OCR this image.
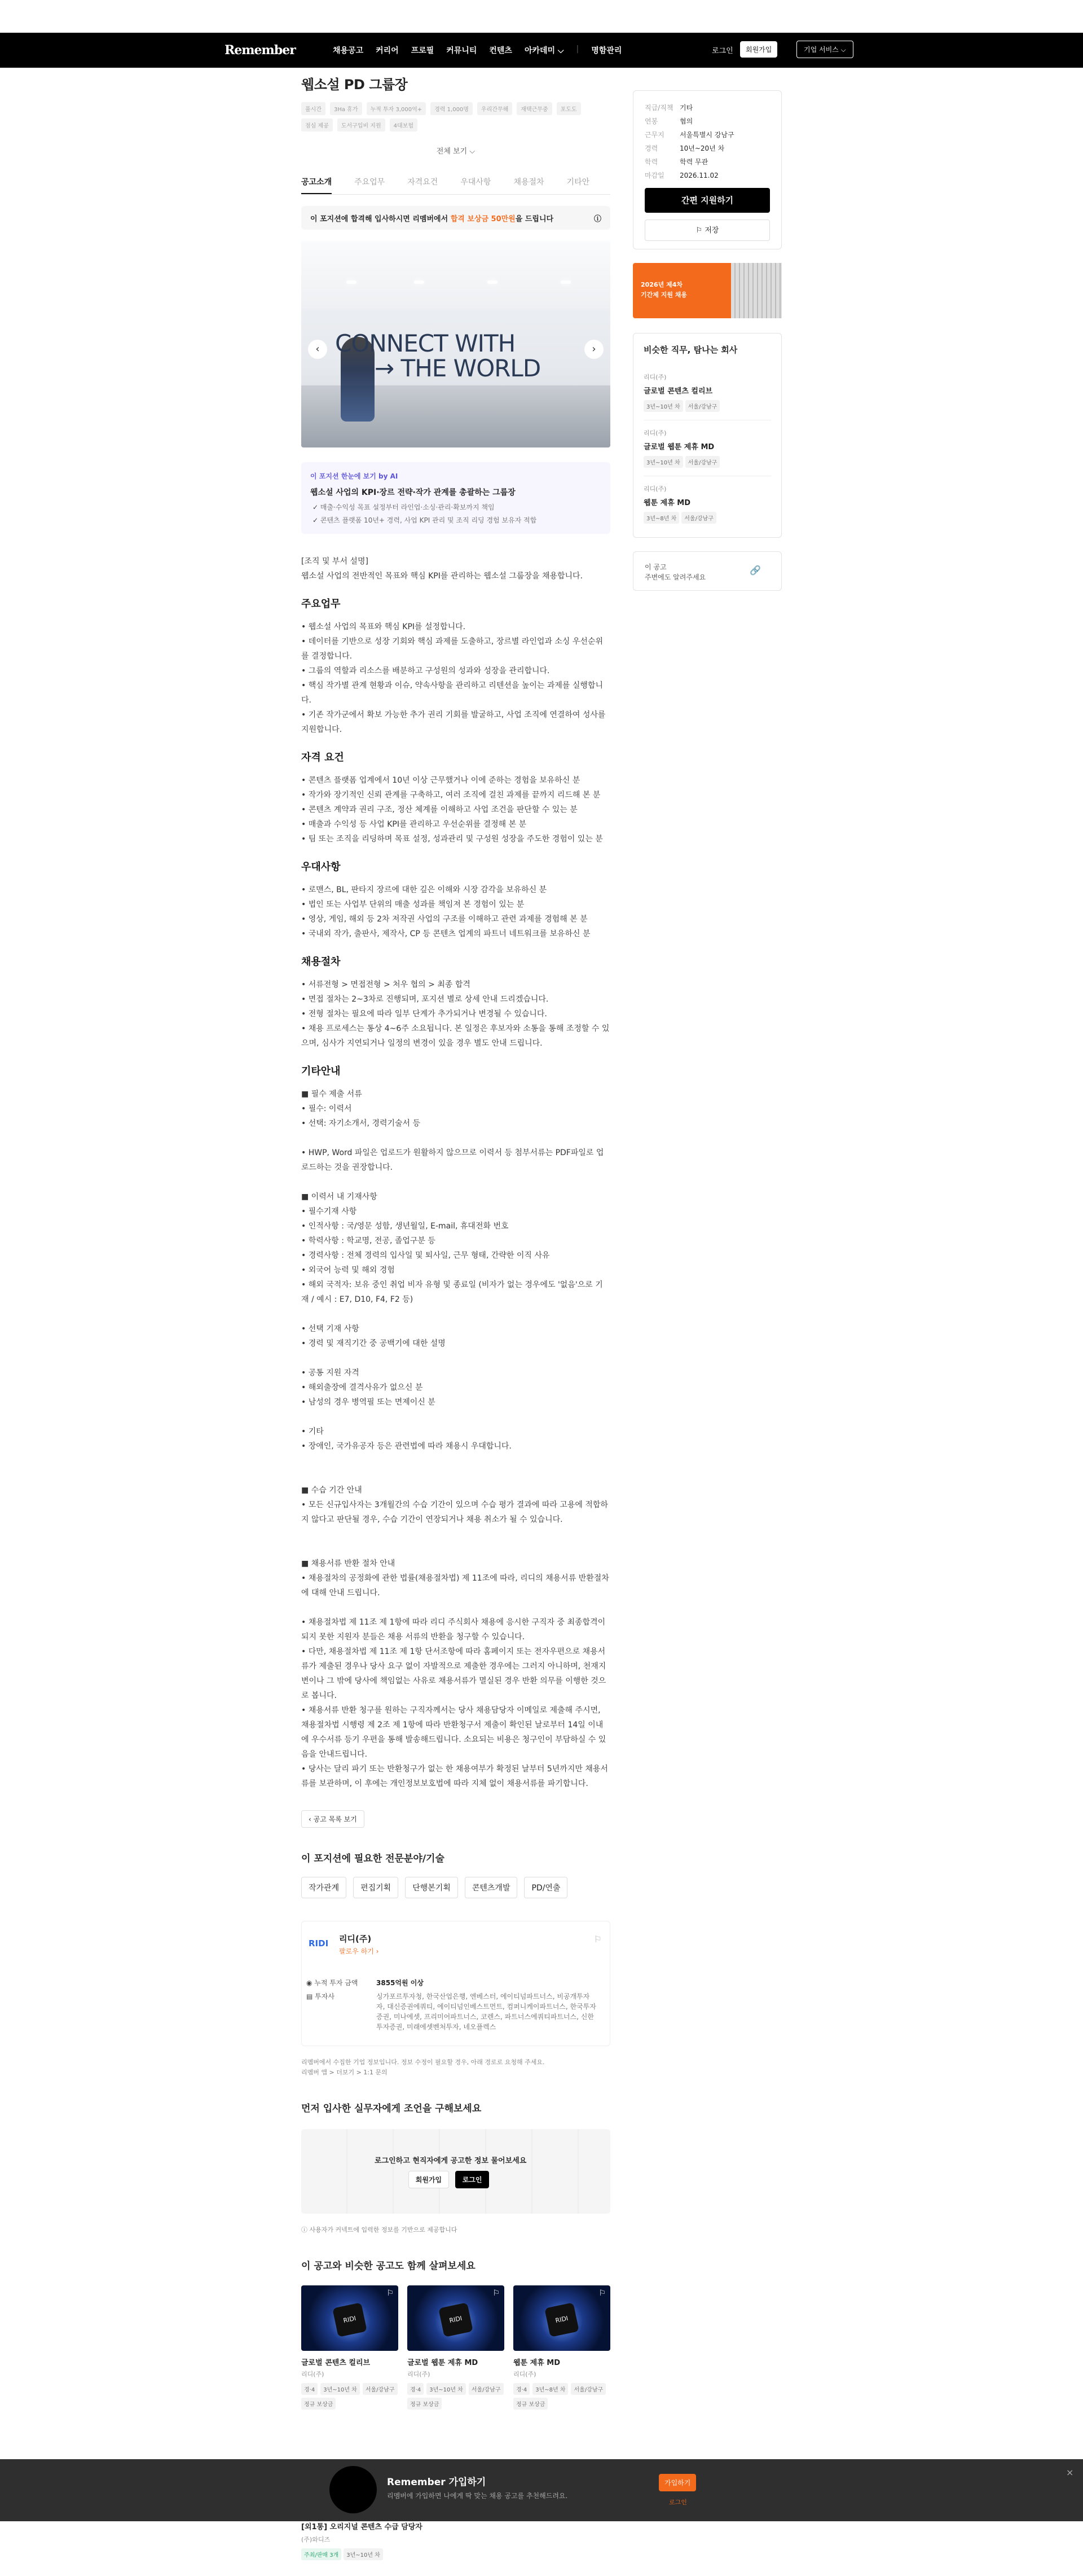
Remember	채용공고 커리어 프로필 커뮤니티 컨텐츠 아카데미 ⌵ | 명함관리	로그인	회원가입	기업 서비스 ⌵
웹소설 PD 그룹장
풀시간	3Ha 휴가	누적 투자 3,000억+	경력 1,000명	우리간무해	재택근무중	포도도
점심 제공	도서구입비 지원	4대보험
전체 보기 ⌵
공고소개	주요업무	자격요건	우대사항	채용절차	기타안
이 포지션에 합격해 입사하시면 리멤버에서 합격 보상금 50만원을 드립니다	ⓘ
CONNECT WITH
→ THE WORLD
‹	›
이 포지션 한눈에 보기 by AI
웹소설 사업의 KPI·장르 전략·작가 관계를 총괄하는 그룹장
✓ 매출·수익성 목표 설정부터 라인업·소싱·관리·확보까지 책임
✓ 콘텐츠 플랫폼 10년+ 경력, 사업 KPI 관리 및 조직 리딩 경험 보유자 적합

[조직 및 부서 설명]

웹소설 사업의 전반적인 목표와 핵심 KPI를 관리하는 웹소설 그룹장을 채용합니다.

주요업무

• 웹소설 사업의 목표와 핵심 KPI를 설정합니다.
• 데이터를 기반으로 성장 기회와 핵심 과제를 도출하고, 장르별 라인업과 소싱 우선순위를 결정합니다.
• 그룹의 역할과 리소스를 배분하고 구성원의 성과와 성장을 관리합니다.
• 핵심 작가별 관계 현황과 이슈, 약속사항을 관리하고 리텐션을 높이는 과제를 실행합니다.
• 기존 작가군에서 확보 가능한 추가 권리 기회를 발굴하고, 사업 조직에 연결하여 성사를 지원합니다.

자격 요건

• 콘텐츠 플랫폼 업계에서 10년 이상 근무했거나 이에 준하는 경험을 보유하신 분
• 작가와 장기적인 신뢰 관계를 구축하고, 여러 조직에 걸친 과제를 끝까지 리드해 본 분
• 콘텐츠 계약과 권리 구조, 정산 체계를 이해하고 사업 조건을 판단할 수 있는 분
• 매출과 수익성 등 사업 KPI를 관리하고 우선순위를 결정해 본 분
• 팀 또는 조직을 리딩하며 목표 설정, 성과관리 및 구성원 성장을 주도한 경험이 있는 분

우대사항

• 로맨스, BL, 판타지 장르에 대한 깊은 이해와 시장 감각을 보유하신 분
• 법인 또는 사업부 단위의 매출 성과를 책임져 본 경험이 있는 분
• 영상, 게임, 해외 등 2차 저작권 사업의 구조를 이해하고 관련 과제를 경험해 본 분
• 국내외 작가, 출판사, 제작사, CP 등 콘텐츠 업계의 파트너 네트워크를 보유하신 분

채용절차

• 서류전형 > 면접전형 > 처우 협의 > 최종 합격
• 면접 절차는 2~3차로 진행되며, 포지션 별로 상세 안내 드리겠습니다.
• 전형 절차는 필요에 따라 일부 단계가 추가되거나 변경될 수 있습니다.
• 채용 프로세스는 통상 4~6주 소요됩니다. 본 일정은 후보자와 소통을 통해 조정할 수 있으며, 심사가 지연되거나 일정의 변경이 있을 경우 별도 안내 드립니다.

기타안내

■ 필수 제출 서류
• 필수: 이력서
• 선택: 자기소개서, 경력기술서 등

• HWP, Word 파일은 업로드가 원활하지 않으므로 이력서 등 첨부서류는 PDF파일로 업로드하는 것을 권장합니다.

■ 이력서 내 기재사항
• 필수기재 사항
• 인적사항 : 국/영문 성함, 생년월일, E-mail, 휴대전화 번호
• 학력사항 : 학교명, 전공, 졸업구분 등
• 경력사항 : 전체 경력의 입사일 및 퇴사일, 근무 형태, 간략한 이직 사유
• 외국어 능력 및 해외 경험
• 해외 국적자: 보유 중인 취업 비자 유형 및 종료일 (비자가 없는 경우에도 '없음'으로 기재 / 예시 : E7, D10, F4, F2 등)

• 선택 기재 사항
• 경력 및 재직기간 중 공백기에 대한 설명

• 공통 지원 자격
• 해외출장에 결격사유가 없으신 분
• 남성의 경우 병역필 또는 면제이신 분

• 기타
• 장애인, 국가유공자 등은 관련법에 따라 채용시 우대합니다.

■ 수습 기간 안내
• 모든 신규입사자는 3개월간의 수습 기간이 있으며 수습 평가 결과에 따라 고용에 적합하지 않다고 판단될 경우, 수습 기간이 연장되거나 채용 취소가 될 수 있습니다.

■ 채용서류 반환 절차 안내
• 채용절차의 공정화에 관한 법률(채용절차법) 제 11조에 따라, 리디의 채용서류 반환절차에 대해 안내 드립니다.

• 채용절차법 제 11조 제 1항에 따라 리디 주식회사 채용에 응시한 구직자 중 최종합격이 되지 못한 지원자 분들은 채용 서류의 반환을 청구할 수 있습니다.
• 다만, 채용절차법 제 11조 제 1항 단서조항에 따라 홈페이지 또는 전자우편으로 채용서류가 제출된 경우나 당사 요구 없이 자발적으로 제출한 경우에는 그러지 아니하며, 천재지변이나 그 밖에 당사에 책임없는 사유로 채용서류가 멸실된 경우 반환 의무를 이행한 것으로 봅니다.
• 채용서류 반환 청구를 원하는 구직자께서는 당사 채용담당자 이메일로 제출해 주시면, 채용절차법 시행령 제 2조 제 1항에 따라 반환청구서 제출이 확인된 날로부터 14일 이내에 우수서류 등기 우편을 통해 발송해드립니다. 소요되는 비용은 청구인이 부담하실 수 있음을 안내드립니다.
• 당사는 달리 파기 또는 반환청구가 없는 한 채용여부가 확정된 날부터 5년까지만 채용서류를 보관하며, 이 후에는 개인정보보호법에 따라 지체 없이 채용서류를 파기합니다.

‹ 공고 목록 보기
이 포지션에 필요한 전문분야/기술
작가관계	편집기획	단행본기획	콘텐츠개발	PD/연출
RIDI 리디(주)
팔로우 하기 ›
⚐
◉ 누적 투자 금액	3855억원 이상
▤ 투자사	싱가포르투자청, 한국산업은행, 엔베스터, 에이티넘파트너스, 비공개투자자, 대신증권에쿼티, 에이티넘인베스트먼트, 컴퍼니케이파트너스, 한국투자증권, 미나에셋, 프리미어파트너스, 코렌스, 파트너스에쿼티파트너스, 신한투자증권, 미래에셋벤처투자, 네오플렉스

리멤버에서 수집한 기업 정보입니다. 정보 수정이 필요할 경우, 아래 경로로 요청해 주세요.
리멤버 앱 > 더보기 > 1:1 문의

먼저 입사한 실무자에게 조언을 구해보세요
로그인하고 현직자에게 공고한 정보 물어보세요
회원가입	로그인

ⓘ 사용자가 커넥트에 입력한 정보를 기반으로 제공합니다

이 공고와 비슷한 공고도 함께 살펴보세요
RIDI
⚐
글로벌 콘텐츠 컬리브
리디(주)
경·4	3년~10년 차	서울/강남구
정규 보상금
RIDI
⚐
글로벌 웹툰 제휴 MD
리디(주)
경·4	3년~10년 차	서울/강남구
정규 보상금
RIDI
⚐
웹툰 제휴 MD
리디(주)
경·4	3년~8년 차	서울/강남구
정규 보상금
직급/직책 기타
연봉	협의
근무지	서울특별시 강남구
경력	10년~20년 차
학력	학력 무관
마감일	2026.11.02
간편 지원하기
⚐ 저장
2026년 제4차
기간제 지원 채용
비슷한 직무, 탐나는 회사
리디(주)
글로벌 콘텐츠 컬리브
3년~10년 차 서울/강남구
리디(주)
글로벌 웹툰 제휴 MD
3년~10년 차 서울/강남구
리디(주)
웹툰 제휴 MD
3년~8년 차 서울/강남구
이 공고
주변에도 알려주세요
🔗
Remember 가입하기
리멤버에 가입하면 나에게 딱 맞는 채용 공고를 추천해드려요.
가입하기
로그인
×
[외1통] 오리지널 콘텐츠 수급 담당자
(주)와디즈
주최/판매 3개 3년~10년 차
